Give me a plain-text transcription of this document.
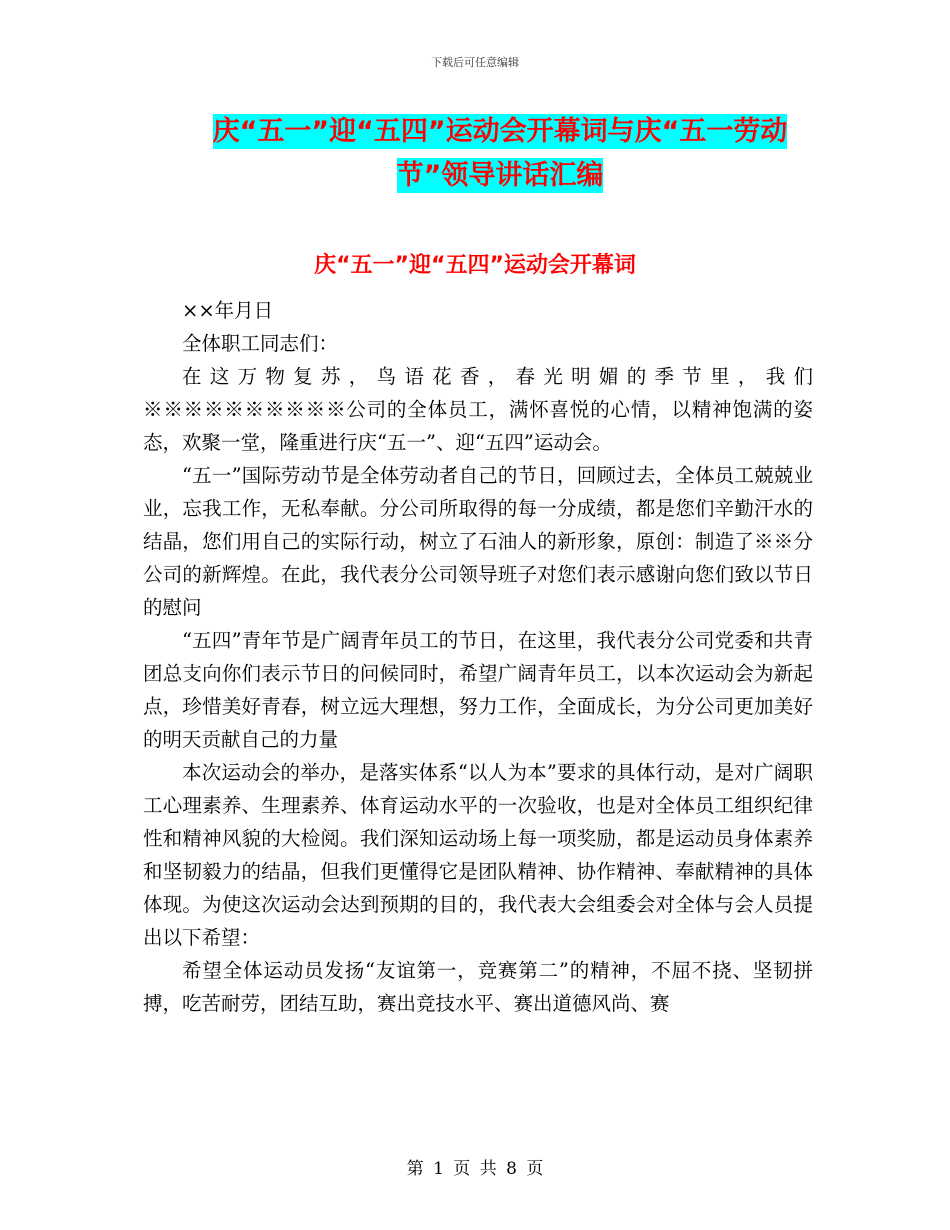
下载后可任意编辑
庆“五一”迎“五四”运动会开幕词与庆“五一劳动
节”领导讲话汇编
庆“五一”迎“五四”运动会开幕词

××年月日

全体职工同志们：

在这万物复苏，鸟语花香，春光明媚的季节里，我们※※※※※※※※※※公司的全体员工，满怀喜悦的心情，以精神饱满的姿态，欢聚一堂，隆重进行庆“五一”、迎“五四”运动会。

“五一”国际劳动节是全体劳动者自己的节日，回顾过去，全体员工兢兢业业，忘我工作，无私奉献。分公司所取得的每一分成绩，都是您们辛勤汗水的结晶，您们用自己的实际行动，树立了石油人的新形象，原创：制造了※※分公司的新辉煌。在此，我代表分公司领导班子对您们表示感谢向您们致以节日的慰问

“五四”青年节是广阔青年员工的节日，在这里，我代表分公司党委和共青团总支向你们表示节日的问候同时，希望广阔青年员工，以本次运动会为新起点，珍惜美好青春，树立远大理想，努力工作，全面成长，为分公司更加美好的明天贡献自己的力量

本次运动会的举办，是落实体系“以人为本”要求的具体行动，是对广阔职工心理素养、生理素养、体育运动水平的一次验收，也是对全体员工组织纪律性和精神风貌的大检阅。我们深知运动场上每一项奖励，都是运动员身体素养和坚韧毅力的结晶，但我们更懂得它是团队精神、协作精神、奉献精神的具体体现。为使这次运动会达到预期的目的，我代表大会组委会对全体与会人员提出以下希望：

希望全体运动员发扬“友谊第一，竞赛第二”的精神，不屈不挠、坚韧拼搏，吃苦耐劳，团结互助，赛出竞技水平、赛出道德风尚、赛

第 1 页 共 8 页
